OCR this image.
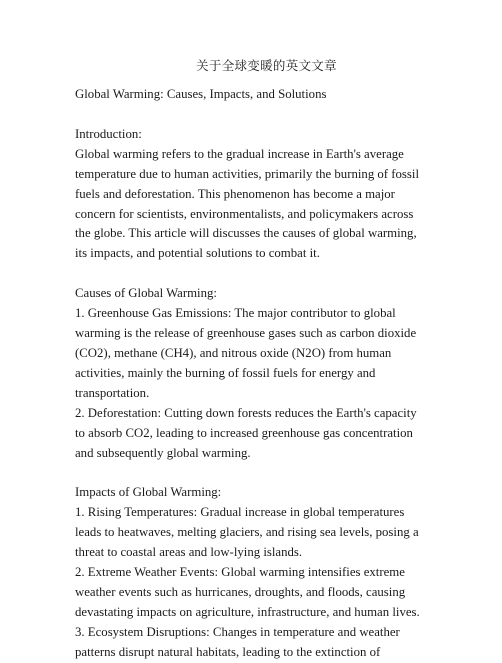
关于全球变暖的英文文章
Global Warming: Causes, Impacts, and Solutions
Introduction:
Global warming refers to the gradual increase in Earth's average
temperature due to human activities, primarily the burning of fossil
fuels and deforestation. This phenomenon has become a major
concern for scientists, environmentalists, and policymakers across
the globe. This article will discusses the causes of global warming,
its impacts, and potential solutions to combat it.
Causes of Global Warming:
1. Greenhouse Gas Emissions: The major contributor to global
warming is the release of greenhouse gases such as carbon dioxide
(CO2), methane (CH4), and nitrous oxide (N2O) from human
activities, mainly the burning of fossil fuels for energy and
transportation.
2. Deforestation: Cutting down forests reduces the Earth's capacity
to absorb CO2, leading to increased greenhouse gas concentration
and subsequently global warming.
Impacts of Global Warming:
1. Rising Temperatures: Gradual increase in global temperatures
leads to heatwaves, melting glaciers, and rising sea levels, posing a
threat to coastal areas and low-lying islands.
2. Extreme Weather Events: Global warming intensifies extreme
weather events such as hurricanes, droughts, and floods, causing
devastating impacts on agriculture, infrastructure, and human lives.
3. Ecosystem Disruptions: Changes in temperature and weather
patterns disrupt natural habitats, leading to the extinction of
